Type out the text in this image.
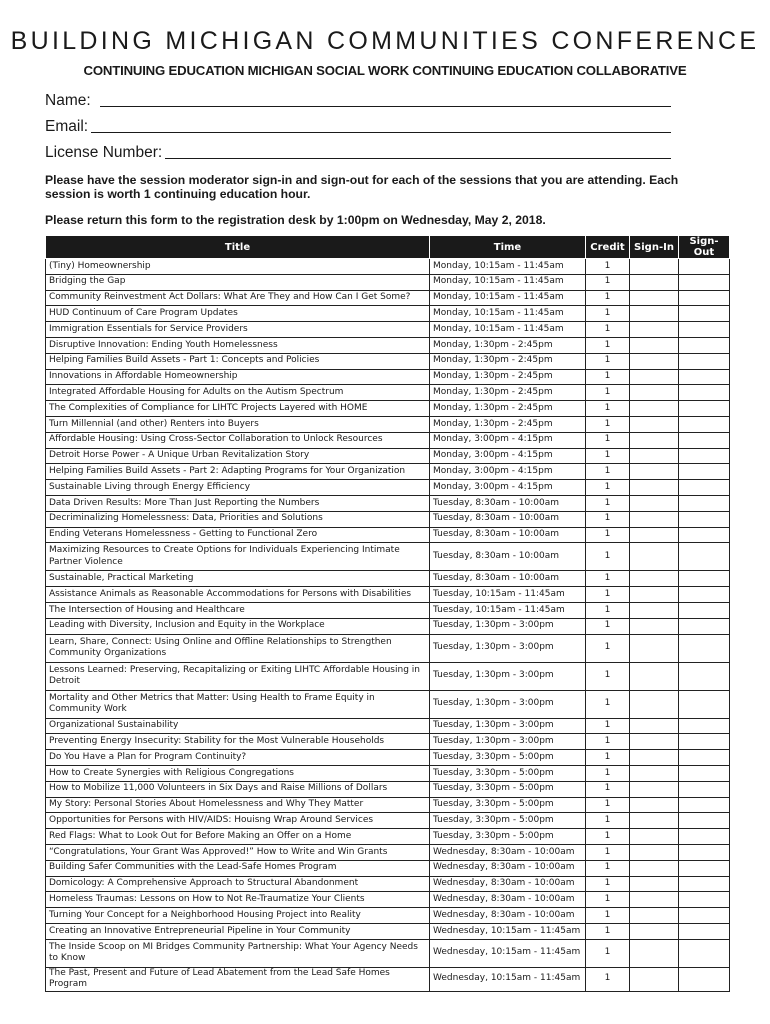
BUILDING MICHIGAN COMMUNITIES CONFERENCE
CONTINUING EDUCATION MICHIGAN SOCIAL WORK CONTINUING EDUCATION COLLABORATIVE
Name:
Email:
License Number:
Please have the session moderator sign-in and sign-out for each of the sessions that you are attending. Each session is worth 1 continuing education hour.
Please return this form to the registration desk by 1:00pm on Wednesday, May 2, 2018.
Title	Time	Credit	Sign-In	Sign-Out
(Tiny) Homeownership	Monday, 10:15am - 11:45am	1		
Bridging the Gap	Monday, 10:15am - 11:45am	1		
Community Reinvestment Act Dollars: What Are They and How Can I Get Some?	Monday, 10:15am - 11:45am	1		
HUD Continuum of Care Program Updates	Monday, 10:15am - 11:45am	1		
Immigration Essentials for Service Providers	Monday, 10:15am - 11:45am	1		
Disruptive Innovation: Ending Youth Homelessness	Monday, 1:30pm - 2:45pm	1		
Helping Families Build Assets - Part 1: Concepts and Policies	Monday, 1:30pm - 2:45pm	1		
Innovations in Affordable Homeownership	Monday, 1:30pm - 2:45pm	1		
Integrated Affordable Housing for Adults on the Autism Spectrum	Monday, 1:30pm - 2:45pm	1		
The Complexities of Compliance for LIHTC Projects Layered with HOME	Monday, 1:30pm - 2:45pm	1		
Turn Millennial (and other) Renters into Buyers	Monday, 1:30pm - 2:45pm	1		
Affordable Housing: Using Cross-Sector Collaboration to Unlock Resources	Monday, 3:00pm - 4:15pm	1		
Detroit Horse Power - A Unique Urban Revitalization Story	Monday, 3:00pm - 4:15pm	1		
Helping Families Build Assets - Part 2: Adapting Programs for Your Organization	Monday, 3:00pm - 4:15pm	1		
Sustainable Living through Energy Efficiency	Monday, 3:00pm - 4:15pm	1		
Data Driven Results: More Than Just Reporting the Numbers	Tuesday, 8:30am - 10:00am	1		
Decriminalizing Homelessness: Data, Priorities and Solutions	Tuesday, 8:30am - 10:00am	1		
Ending Veterans Homelessness - Getting to Functional Zero	Tuesday, 8:30am - 10:00am	1		
Maximizing Resources to Create Options for Individuals Experiencing Intimate Partner Violence	Tuesday, 8:30am - 10:00am	1		
Sustainable, Practical Marketing	Tuesday, 8:30am - 10:00am	1		
Assistance Animals as Reasonable Accommodations for Persons with Disabilities	Tuesday, 10:15am - 11:45am	1		
The Intersection of Housing and Healthcare	Tuesday, 10:15am - 11:45am	1		
Leading with Diversity, Inclusion and Equity in the Workplace	Tuesday, 1:30pm - 3:00pm	1		
Learn, Share, Connect: Using Online and Offline Relationships to Strengthen Community Organizations	Tuesday, 1:30pm - 3:00pm	1		
Lessons Learned: Preserving, Recapitalizing or Exiting LIHTC Affordable Housing in Detroit	Tuesday, 1:30pm - 3:00pm	1		
Mortality and Other Metrics that Matter: Using Health to Frame Equity in Community Work	Tuesday, 1:30pm - 3:00pm	1		
Organizational Sustainability	Tuesday, 1:30pm - 3:00pm	1		
Preventing Energy Insecurity: Stability for the Most Vulnerable Households	Tuesday, 1:30pm - 3:00pm	1		
Do You Have a Plan for Program Continuity?	Tuesday, 3:30pm - 5:00pm	1		
How to Create Synergies with Religious Congregations	Tuesday, 3:30pm - 5:00pm	1		
How to Mobilize 11,000 Volunteers in Six Days and Raise Millions of Dollars	Tuesday, 3:30pm - 5:00pm	1		
My Story: Personal Stories About Homelessness and Why They Matter	Tuesday, 3:30pm - 5:00pm	1		
Opportunities for Persons with HIV/AIDS: Houisng Wrap Around Services	Tuesday, 3:30pm - 5:00pm	1		
Red Flags: What to Look Out for Before Making an Offer on a Home	Tuesday, 3:30pm - 5:00pm	1		
“Congratulations, Your Grant Was Approved!” How to Write and Win Grants	Wednesday, 8:30am - 10:00am	1		
Building Safer Communities with the Lead-Safe Homes Program	Wednesday, 8:30am - 10:00am	1		
Domicology: A Comprehensive Approach to Structural Abandonment	Wednesday, 8:30am - 10:00am	1		
Homeless Traumas: Lessons on How to Not Re-Traumatize Your Clients	Wednesday, 8:30am - 10:00am	1		
Turning Your Concept for a Neighborhood Housing Project into Reality	Wednesday, 8:30am - 10:00am	1		
Creating an Innovative Entrepreneurial Pipeline in Your Community	Wednesday, 10:15am - 11:45am	1		
The Inside Scoop on MI Bridges Community Partnership: What Your Agency Needs to Know	Wednesday, 10:15am - 11:45am	1		
The Past, Present and Future of Lead Abatement from the Lead Safe Homes Program	Wednesday, 10:15am - 11:45am	1		
